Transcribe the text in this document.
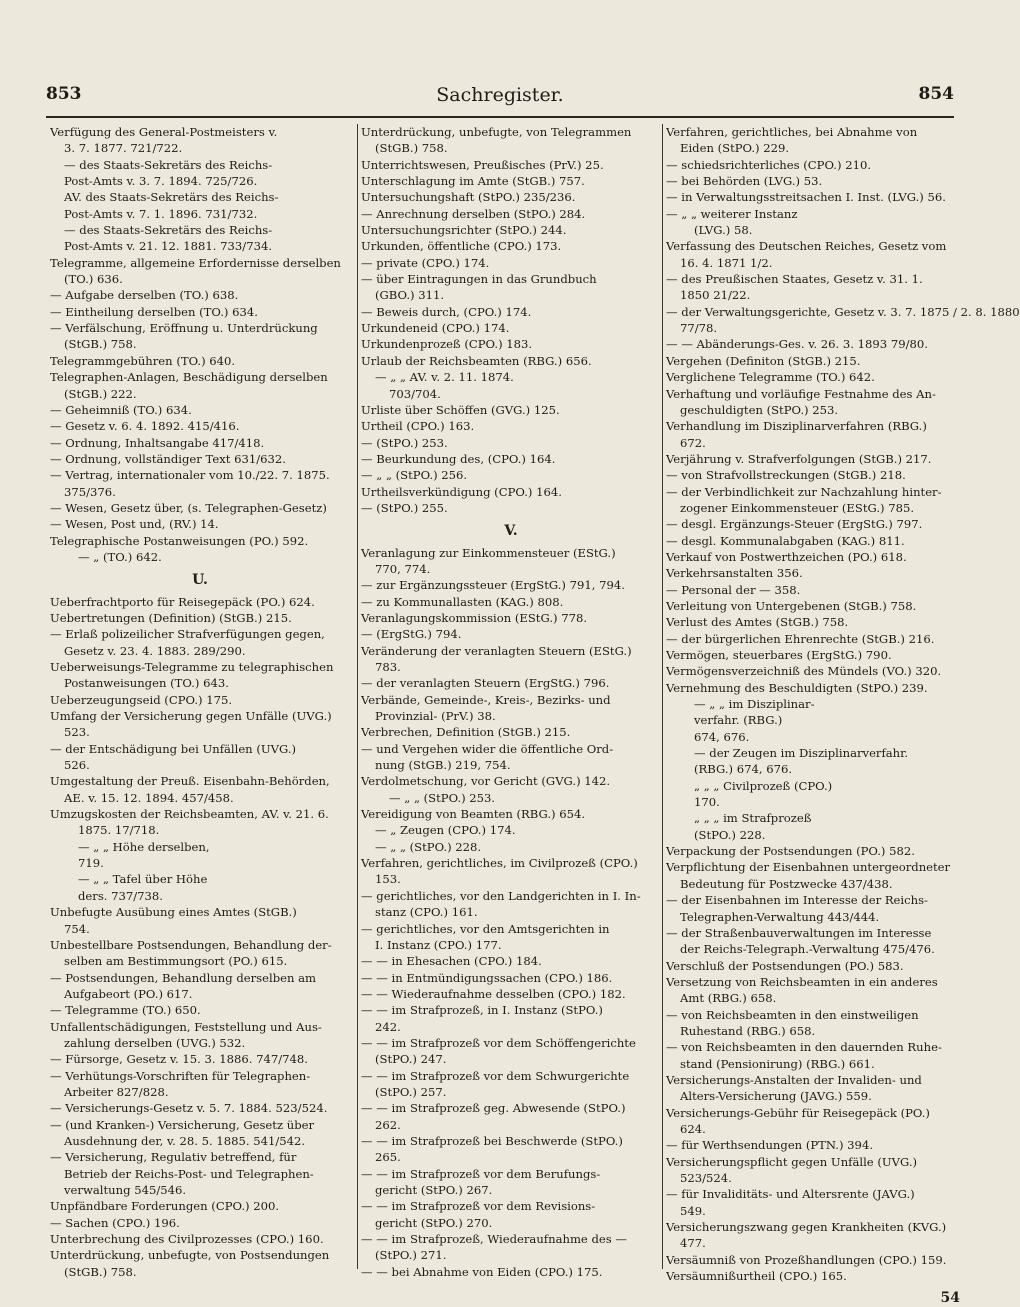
853	Sachregister.	854
Verfügung des General-Postmeisters v.
3. 7. 1877. 721/722.
— des Staats-Sekretärs des Reichs-
Post-Amts v. 3. 7. 1894. 725/726.
AV. des Staats-Sekretärs des Reichs-
Post-Amts v. 7. 1. 1896. 731/732.
— des Staats-Sekretärs des Reichs-
Post-Amts v. 21. 12. 1881. 733/734.
Telegramme, allgemeine Erfordernisse derselben
(TO.) 636.
— Aufgabe derselben (TO.) 638.
— Eintheilung derselben (TO.) 634.
— Verfälschung, Eröffnung u. Unterdrückung
(StGB.) 758.
Telegrammgebühren (TO.) 640.
Telegraphen-Anlagen, Beschädigung derselben
(StGB.) 222.
— Geheimniß (TO.) 634.
— Gesetz v. 6. 4. 1892. 415/416.
— Ordnung, Inhaltsangabe 417/418.
— Ordnung, vollständiger Text 631/632.
— Vertrag, internationaler vom 10./22. 7. 1875.
375/376.
— Wesen, Gesetz über, (s. Telegraphen-Gesetz)
— Wesen, Post und, (RV.) 14.
Telegraphische Postanweisungen (PO.) 592.
— „ (TO.) 642.
U.
Ueberfrachtporto für Reisegepäck (PO.) 624.
Uebertretungen (Definition) (StGB.) 215.
— Erlaß polizeilicher Strafverfügungen gegen,
Gesetz v. 23. 4. 1883. 289/290.
Ueberweisungs-Telegramme zu telegraphischen
Postanweisungen (TO.) 643.
Ueberzeugungseid (CPO.) 175.
Umfang der Versicherung gegen Unfälle (UVG.)
523.
— der Entschädigung bei Unfällen (UVG.)
526.
Umgestaltung der Preuß. Eisenbahn-Behörden,
AE. v. 15. 12. 1894. 457/458.
Umzugskosten der Reichsbeamten, AV. v. 21. 6.
1875. 17/718.
— „ „ Höhe derselben,
719.
— „ „ Tafel über Höhe
ders. 737/738.
Unbefugte Ausübung eines Amtes (StGB.)
754.
Unbestellbare Postsendungen, Behandlung der-
selben am Bestimmungsort (PO.) 615.
— Postsendungen, Behandlung derselben am
Aufgabeort (PO.) 617.
— Telegramme (TO.) 650.
Unfallentschädigungen, Feststellung und Aus-
zahlung derselben (UVG.) 532.
— Fürsorge, Gesetz v. 15. 3. 1886. 747/748.
— Verhütungs-Vorschriften für Telegraphen-
Arbeiter 827/828.
— Versicherungs-Gesetz v. 5. 7. 1884. 523/524.
— (und Kranken-) Versicherung, Gesetz über
Ausdehnung der, v. 28. 5. 1885. 541/542.
— Versicherung, Regulativ betreffend, für
Betrieb der Reichs-Post- und Telegraphen-
verwaltung 545/546.
Unpfändbare Forderungen (CPO.) 200.
— Sachen (CPO.) 196.
Unterbrechung des Civilprozesses (CPO.) 160.
Unterdrückung, unbefugte, von Postsendungen
(StGB.) 758.
Unterdrückung, unbefugte, von Telegrammen
(StGB.) 758.
Unterrichtswesen, Preußisches (PrV.) 25.
Unterschlagung im Amte (StGB.) 757.
Untersuchungshaft (StPO.) 235/236.
— Anrechnung derselben (StPO.) 284.
Untersuchungsrichter (StPO.) 244.
Urkunden, öffentliche (CPO.) 173.
— private (CPO.) 174.
— über Eintragungen in das Grundbuch
(GBO.) 311.
— Beweis durch, (CPO.) 174.
Urkundeneid (CPO.) 174.
Urkundenprozeß (CPO.) 183.
Urlaub der Reichsbeamten (RBG.) 656.
— „ „ AV. v. 2. 11. 1874.
703/704.
Urliste über Schöffen (GVG.) 125.
Urtheil (CPO.) 163.
— (StPO.) 253.
— Beurkundung des, (CPO.) 164.
— „ „ (StPO.) 256.
Urtheilsverkündigung (CPO.) 164.
— (StPO.) 255.
V.
Veranlagung zur Einkommensteuer (EStG.)
770, 774.
— zur Ergänzungssteuer (ErgStG.) 791, 794.
— zu Kommunallasten (KAG.) 808.
Veranlagungskommission (EStG.) 778.
— (ErgStG.) 794.
Veränderung der veranlagten Steuern (EStG.)
783.
— der veranlagten Steuern (ErgStG.) 796.
Verbände, Gemeinde-, Kreis-, Bezirks- und
Provinzial- (PrV.) 38.
Verbrechen, Definition (StGB.) 215.
— und Vergehen wider die öffentliche Ord-
nung (StGB.) 219, 754.
Verdolmetschung, vor Gericht (GVG.) 142.
— „ „ (StPO.) 253.
Vereidigung von Beamten (RBG.) 654.
— „ Zeugen (CPO.) 174.
— „ „ (StPO.) 228.
Verfahren, gerichtliches, im Civilprozeß (CPO.)
153.
— gerichtliches, vor den Landgerichten in I. In-
stanz (CPO.) 161.
— gerichtliches, vor den Amtsgerichten in
I. Instanz (CPO.) 177.
— — in Ehesachen (CPO.) 184.
— — in Entmündigungssachen (CPO.) 186.
— — Wiederaufnahme desselben (CPO.) 182.
— — im Strafprozeß, in I. Instanz (StPO.)
242.
— — im Strafprozeß vor dem Schöffengerichte
(StPO.) 247.
— — im Strafprozeß vor dem Schwurgerichte
(StPO.) 257.
— — im Strafprozeß geg. Abwesende (StPO.)
262.
— — im Strafprozeß bei Beschwerde (StPO.)
265.
— — im Strafprozeß vor dem Berufungs-
gericht (StPO.) 267.
— — im Strafprozeß vor dem Revisions-
gericht (StPO.) 270.
— — im Strafprozeß, Wiederaufnahme des —
(StPO.) 271.
— — bei Abnahme von Eiden (CPO.) 175.
Verfahren, gerichtliches, bei Abnahme von
Eiden (StPO.) 229.
— schiedsrichterliches (CPO.) 210.
— bei Behörden (LVG.) 53.
— in Verwaltungsstreitsachen I. Inst. (LVG.) 56.
— „ „ weiterer Instanz
(LVG.) 58.
Verfassung des Deutschen Reiches, Gesetz vom
16. 4. 1871 1/2.
— des Preußischen Staates, Gesetz v. 31. 1.
1850 21/22.
— der Verwaltungsgerichte, Gesetz v. 3. 7. 1875 / 2. 8. 1880
77/78.
— — Abänderungs-Ges. v. 26. 3. 1893 79/80.
Vergehen (Definiton (StGB.) 215.
Verglichene Telegramme (TO.) 642.
Verhaftung und vorläufige Festnahme des An-
geschuldigten (StPO.) 253.
Verhandlung im Disziplinarverfahren (RBG.)
672.
Verjährung v. Strafverfolgungen (StGB.) 217.
— von Strafvollstreckungen (StGB.) 218.
— der Verbindlichkeit zur Nachzahlung hinter-
zogener Einkommensteuer (EStG.) 785.
— desgl. Ergänzungs-Steuer (ErgStG.) 797.
— desgl. Kommunalabgaben (KAG.) 811.
Verkauf von Postwerthzeichen (PO.) 618.
Verkehrsanstalten 356.
— Personal der — 358.
Verleitung von Untergebenen (StGB.) 758.
Verlust des Amtes (StGB.) 758.
— der bürgerlichen Ehrenrechte (StGB.) 216.
Vermögen, steuerbares (ErgStG.) 790.
Vermögensverzeichniß des Mündels (VO.) 320.
Vernehmung des Beschuldigten (StPO.) 239.
— „ „ im Disziplinar-
verfahr. (RBG.)
674, 676.
— der Zeugen im Disziplinarverfahr.
(RBG.) 674, 676.
„ „ „ Civilprozeß (CPO.)
170.
„ „ „ im Strafprozeß
(StPO.) 228.
Verpackung der Postsendungen (PO.) 582.
Verpflichtung der Eisenbahnen untergeordneter
Bedeutung für Postzwecke 437/438.
— der Eisenbahnen im Interesse der Reichs-
Telegraphen-Verwaltung 443/444.
— der Straßenbauverwaltungen im Interesse
der Reichs-Telegraph.-Verwaltung 475/476.
Verschluß der Postsendungen (PO.) 583.
Versetzung von Reichsbeamten in ein anderes
Amt (RBG.) 658.
— von Reichsbeamten in den einstweiligen
Ruhestand (RBG.) 658.
— von Reichsbeamten in den dauernden Ruhe-
stand (Pensionirung) (RBG.) 661.
Versicherungs-Anstalten der Invaliden- und
Alters-Versicherung (JAVG.) 559.
Versicherungs-Gebühr für Reisegepäck (PO.)
624.
— für Werthsendungen (PTN.) 394.
Versicherungspflicht gegen Unfälle (UVG.)
523/524.
— für Invaliditäts- und Altersrente (JAVG.)
549.
Versicherungszwang gegen Krankheiten (KVG.)
477.
Versäumniß von Prozeßhandlungen (CPO.) 159.
Versäumnißurtheil (CPO.) 165.
54
